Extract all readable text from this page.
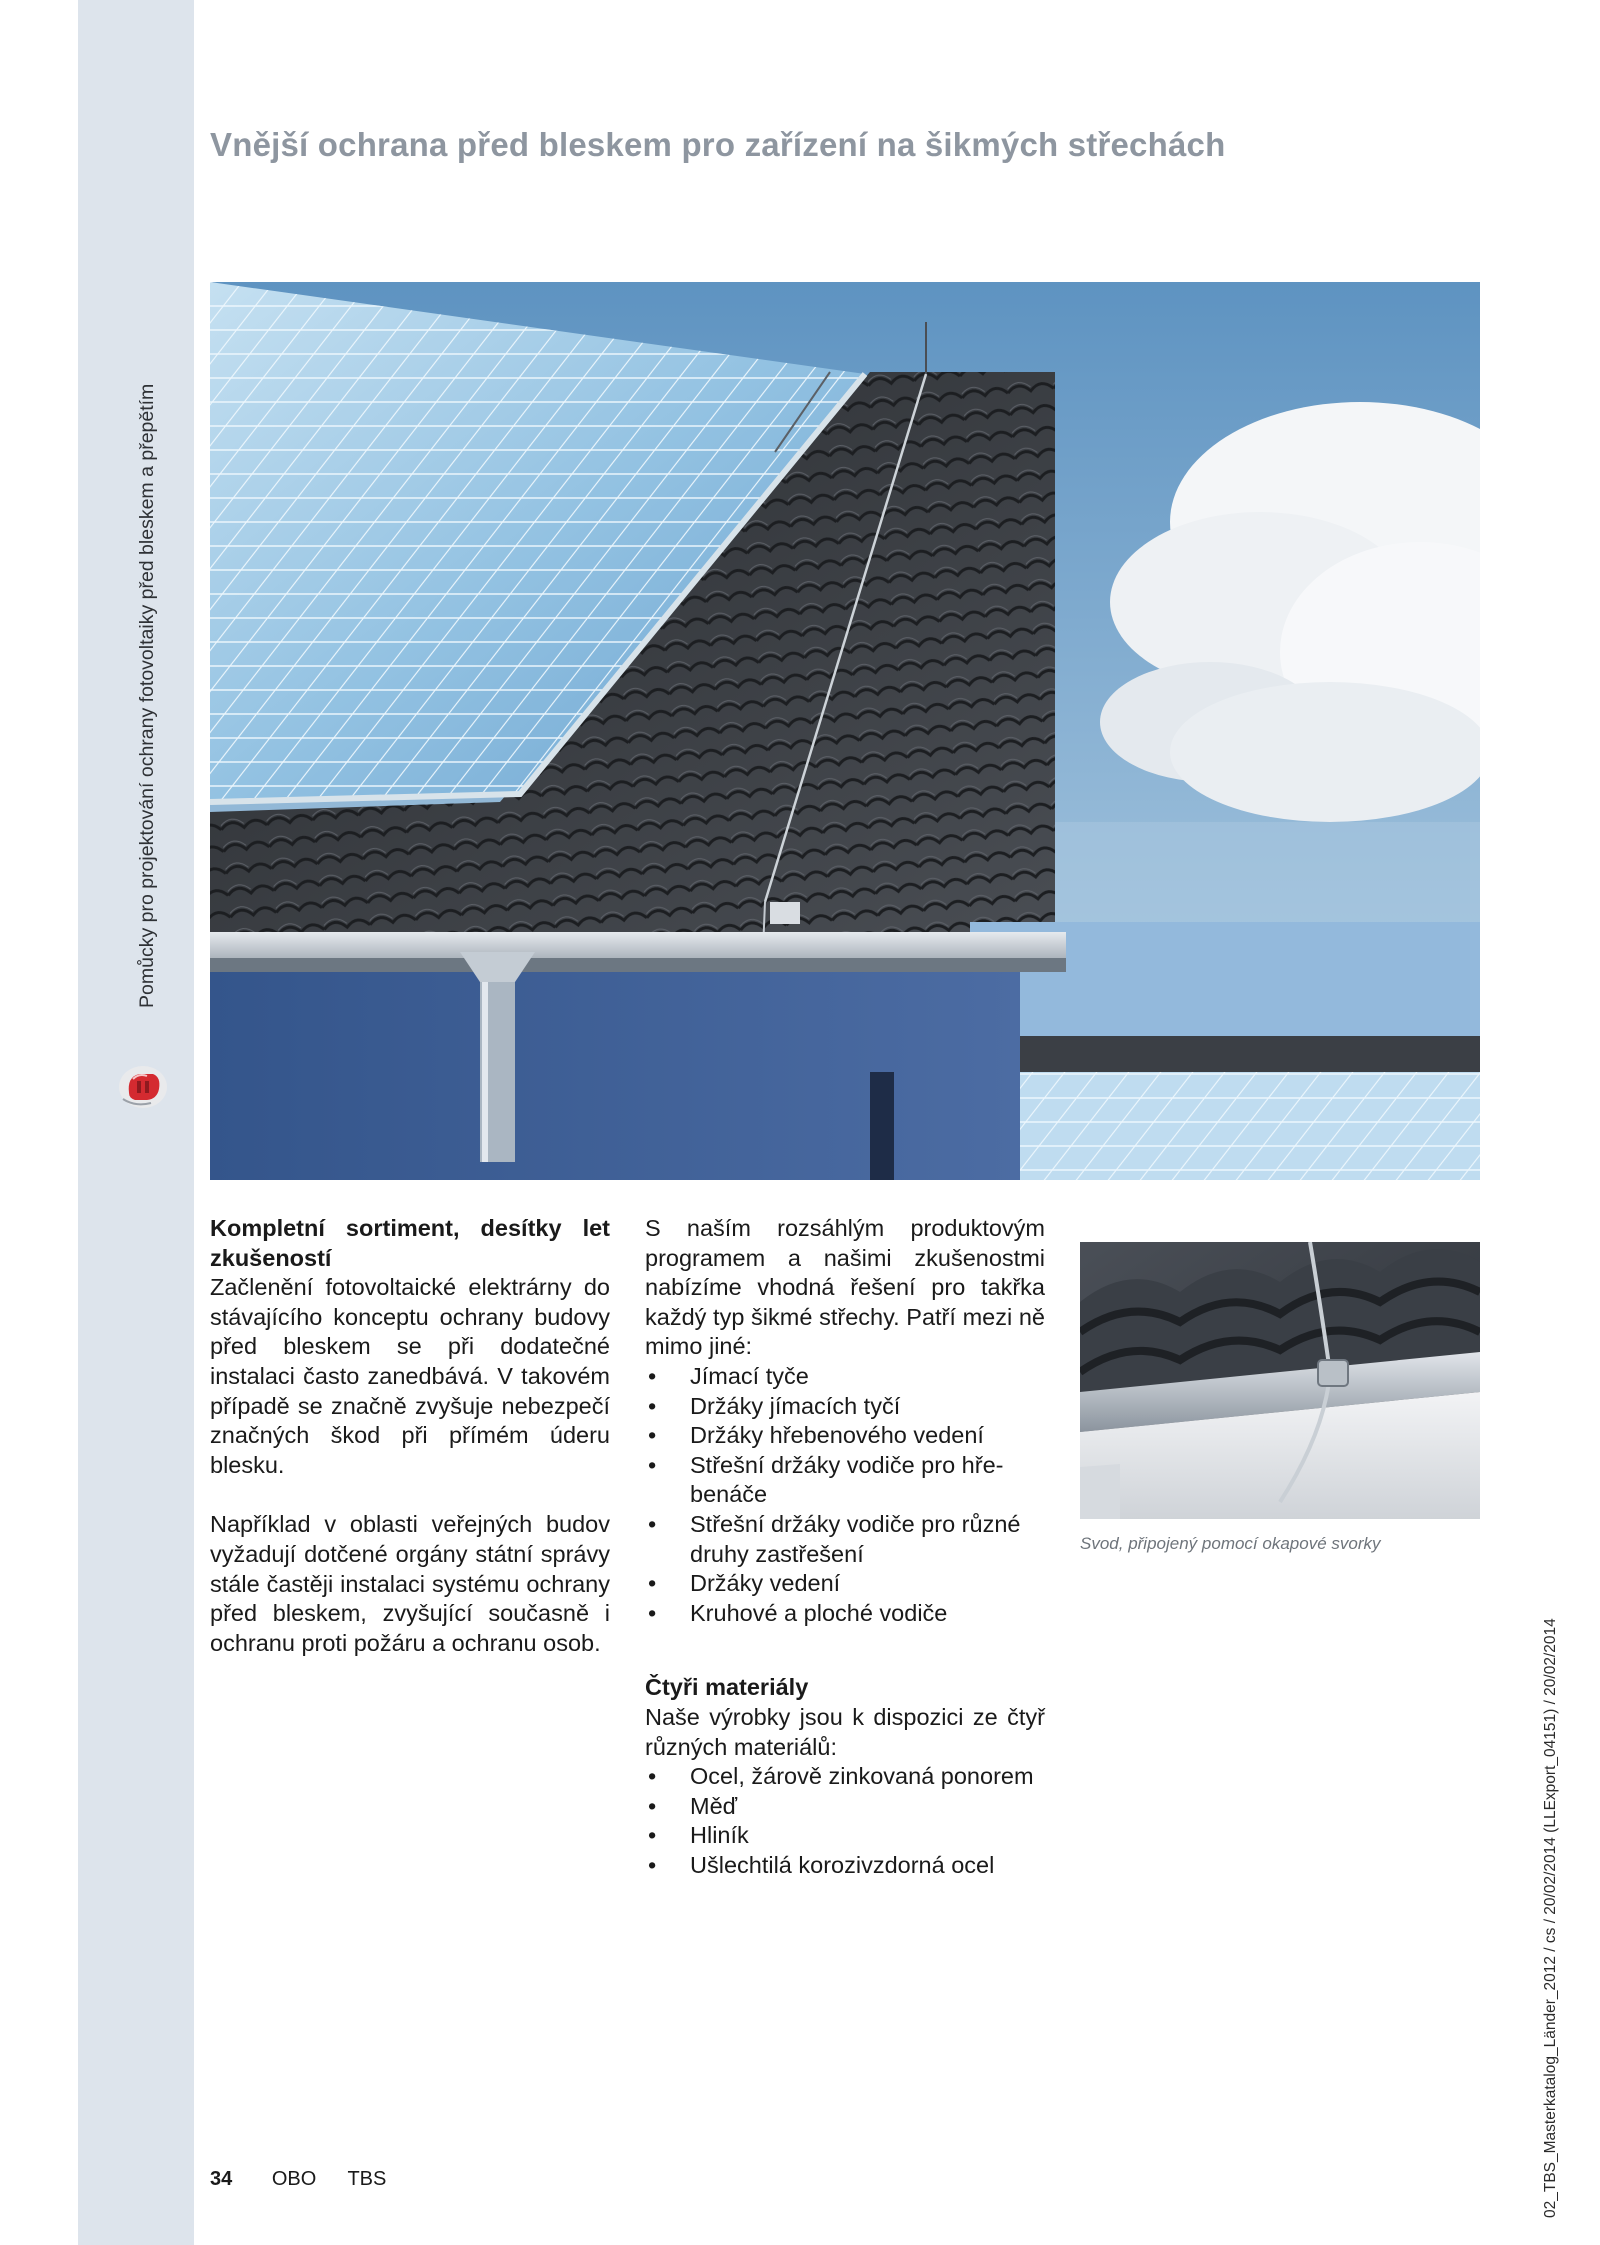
Pomůcky pro projektování ochrany fotovoltaiky před bleskem a přepětím
Vnější ochrana před bleskem pro zařízení na šikmých střechách
Kompletní sortiment, desítky let zkušeností

Začlenění fotovoltaické elektrárny do stávajícího konceptu ochrany budovy před bleskem se při dodatečné instalaci často zanedbává. V takovém případě se značně zvyšuje nebezpečí značných škod při přímém úderu blesku.

Například v oblasti veřejných budov vyžadují dotčené orgány státní správy stále častěji instalaci systému ochrany před bleskem, zvyšující současně i ochranu proti požáru a ochranu osob.

S naším rozsáhlým produktovým programem a našimi zkušenostmi nabízíme vhodná řešení pro takřka každý typ šikmé střechy. Patří mezi ně mimo jiné:

• Jímací tyče
• Držáky jímacích tyčí
• Držáky hřebenového vedení
• Střešní držáky vodiče pro hřebenáče
• Střešní držáky vodiče pro různé druhy zastřešení
• Držáky vedení
• Kruhové a ploché vodiče
Čtyři materiály

Naše výrobky jsou k dispozici ze čtyř různých materiálů:

• Ocel, žárově zinkovaná ponorem
• Měď
• Hliník
• Ušlechtilá korozivzdorná ocel
Svod, připojený pomocí okapové svorky
02_TBS_Masterkatalog_Länder_2012 / cs / 20/02/2014 (LLExport_04151) / 20/02/2014
34 OBO TBS
